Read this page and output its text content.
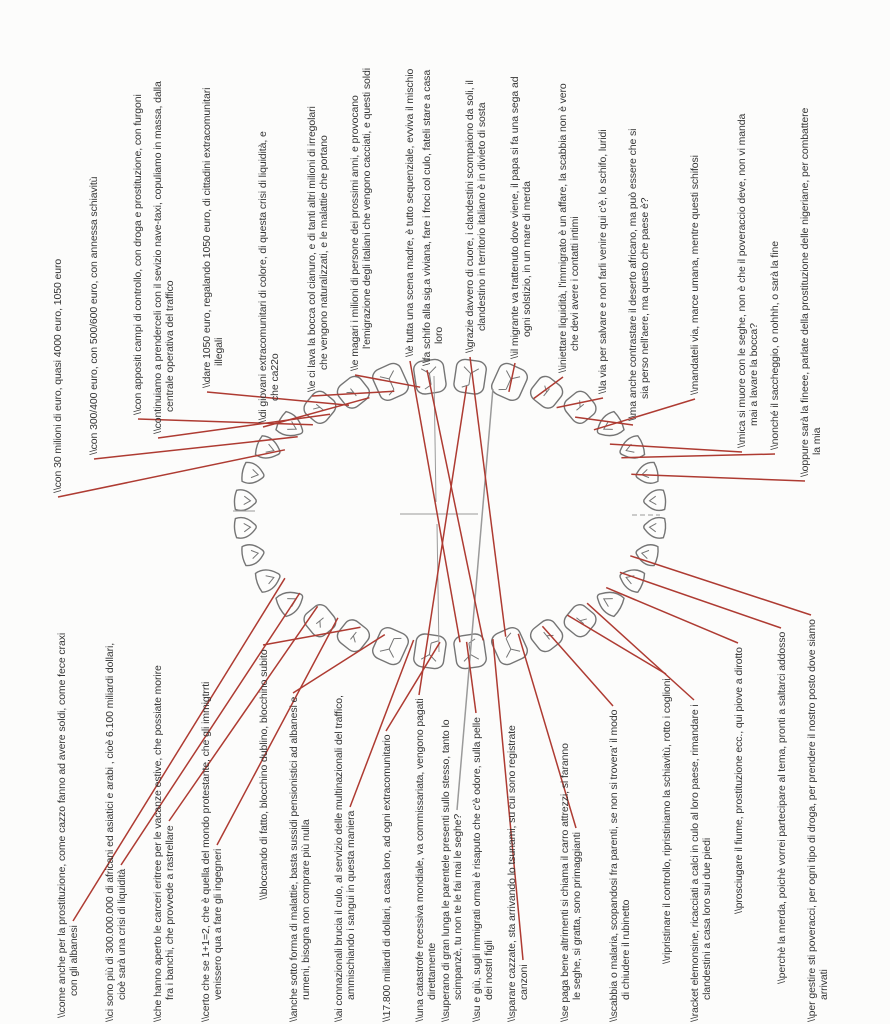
\\come anche per la prostituzione, come cazzo fanno ad avere soldi, come fece craxi con gli albanesi \\ci sono più di 300.000.000 di africani ed asiatici e arabi , cioè 6.100 miliardi dollari, cioè sarà una crisi di liquidità \\che hanno aperto le carceri eritree per le vacanze estive, che possiate morire fra i banchi, che provvede a rastrellare \\certo che se 1+1=2, che è quella del mondo protestante, che gli immigtrrti venissero qua a fare gli ingegneri
\\bloccando di fatto, blocchino dublino, blocchino subito \\anche sotto forma di malattie, basta sussidi pensionistici ad albanesi e rumeni, bisogna non comprare più nulla \\ai connazionali brucia il culo, al servizio delle multinazionali del traffico, ammischiando i sangui in questa maniera \\17.800 miliardi di dollari, a casa loro, ad ogni extracomunitario \\una catastrofe recessiva mondiale, va commissariata, vengono pagati direttamente \\superano di gran lunga le parentele presenti sullo stesso, tanto lo scimpanzè, tu non te le fai mai le seghe? \\su e giù, sugli immigrati ormai è risaputo che c'è odore, sulla pelle dei nostri figli \\sparare cazzate, sta arrivando lo tsunami, su cui sono registrate canzoni	\\se paga bene altrimenti si chiama il carro attrezzi, si faranno le seghe, si gratta, sono primaggianti \\scabbia o malaria, scopandosi fra parenti, se non si trovera' il modo di chiudere il rubinetto	\\ripristinare il controllo, ripristiniamo la schiavitù, rotto i coglioni \\racket elemonsine, ricacciati a calci in culo al loro paese, rimandare i clandestini a casa loro sui due piedi
\\prosciugare il fiume, prostituzione ecc., qui piove a dirotto	\\perchè la merda, poichè vorrei partecipare al tema, pronti a saltarci addosso \\per gestire sti poveracci, per ogni tipo di droga, per prendere il nostro posto dove siamo arrivati
\\con 30 milioni di euro, quasi 4000 euro, 1050 euro \\con 300/400 euro, con 500/600 euro, con annessa schiavitù	\\con appositi campi di controllo, con droga e prostituzione, con furgoni \\continuiamo a prenderceli con il sevizio nave-taxi, copuliamo in massa, dalla centrale operativa del traffico \\dare 1050 euro, regalando 1050 euro, di cittadini extracomunitari illegali	\\di giovani extracomunitari di colore, di questa crisi di liquidità, e che ca22o \\e ci lava la bocca col cianuro, e di tanti altri milioni di irregolari che vengono naturalizzati, e le malattie che portano \\e magari i milioni di persone dei prossimi anni, e provocano l'emigrazione degli italiani che vengono cacciati, e questi soldi	\\è tutta una scena madre, è tutto sequenziale, evviva il mischio \\fa schifo alla sig.a viviana, fare i froci col culo, fateli stare a casa loro \\grazie davvero di cuore, i clandestini scompaiono da soli, il clandestino in territorio italiano è in divieto di sosta \\il migrante va trattenuto dove viene, il papa si fa una sega ad ogni solstizio, in un mare di merda \\iniettare liquidità, l'immigrato è un affare, la scabbia non è vero che devi avere i contatti intimi \\la via per salvare e non farli venire qui c'è, lo schifo, luridi \\ma anche contrastare il deserto africano, ma può essere che si sia perso nell'aere, ma questo che paese è?	\\mandateli via, marce umana, mentre questi schifosi	\\mica si muore con le seghe, non è che il poveraccio deve, non vi manda mai a lavare la bocca? \\nonché il saccheggio, o nohhh, o sarà la fine \\oppure sarà la fineee, parlate della prostituzione delle nigeriane, per combattere la mia
